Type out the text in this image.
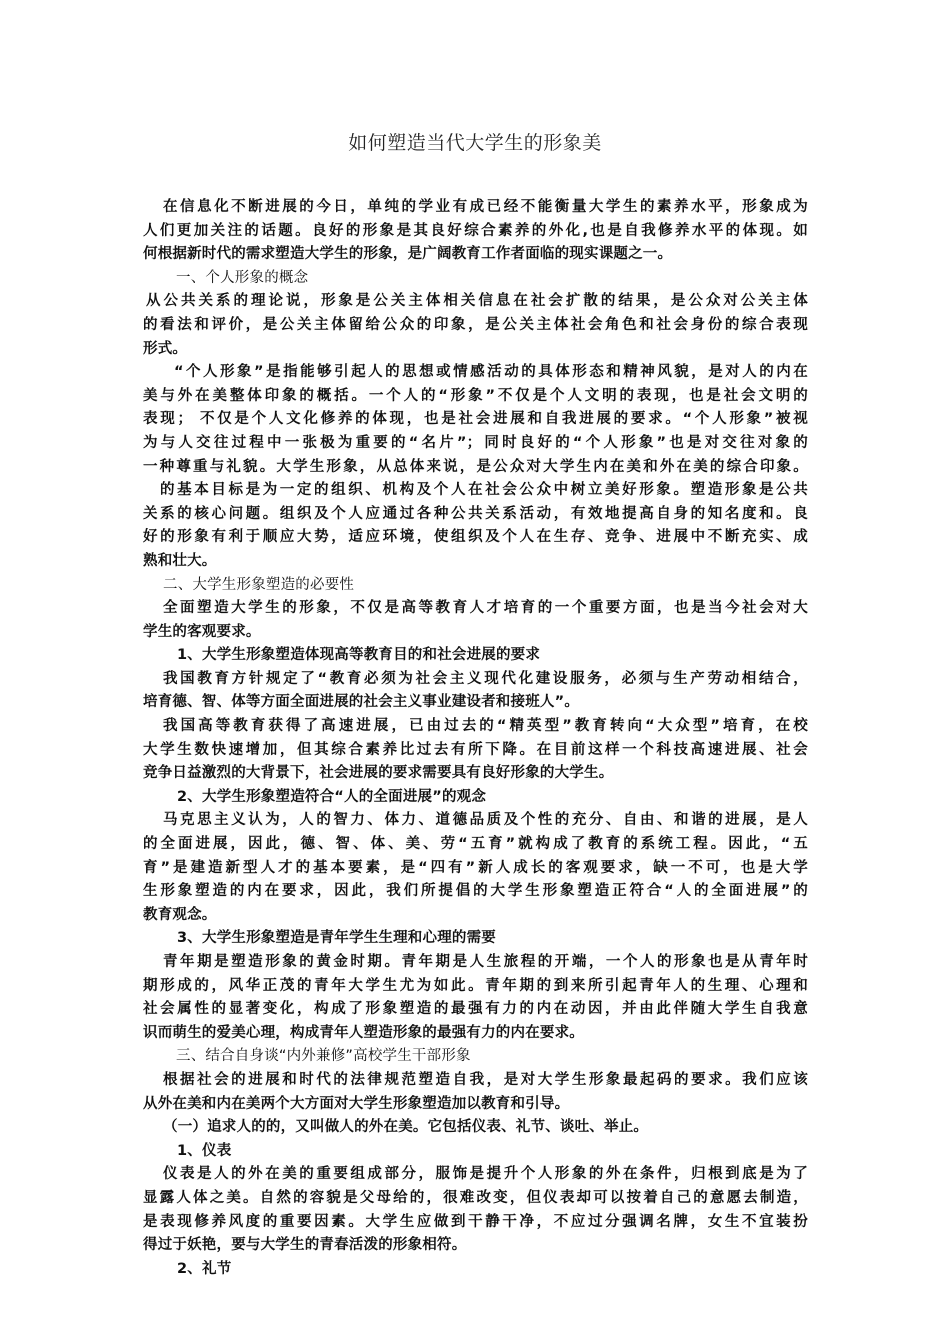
如何塑造当代大学生的形象美
在信息化不断进展的今日，单纯的学业有成已经不能衡量大学生的素养水平，形象成为
人们更加关注的话题。良好的形象是其良好综合素养的外化,也是自我修养水平的体现。如
何根据新时代的需求塑造大学生的形象，是广阔教育工作者面临的现实课题之一。
一、个人形象的概念
从公共关系的理论说，形象是公关主体相关信息在社会扩散的结果，是公众对公关主体
的看法和评价，是公关主体留给公众的印象，是公关主体社会角色和社会身份的综合表现
形式。
“个人形象”是指能够引起人的思想或情感活动的具体形态和精神风貌，是对人的内在
美与外在美整体印象的概括。一个人的“形象”不仅是个人文明的表现，也是社会文明的
表现； 不仅是个人文化修养的体现，也是社会进展和自我进展的要求。“个人形象”被视
为与人交往过程中一张极为重要的“名片”；同时良好的“个人形象”也是对交往对象的
一种尊重与礼貌。大学生形象，从总体来说，是公众对大学生内在美和外在美的综合印象。
的基本目标是为一定的组织、机构及个人在社会公众中树立美好形象。塑造形象是公共
关系的核心问题。组织及个人应通过各种公共关系活动，有效地提高自身的知名度和。良
好的形象有利于顺应大势，适应环境，使组织及个人在生存、竞争、进展中不断充实、成
熟和壮大。
二、大学生形象塑造的必要性
全面塑造大学生的形象，不仅是高等教育人才培育的一个重要方面，也是当今社会对大
学生的客观要求。
1、大学生形象塑造体现高等教育目的和社会进展的要求
我国教育方针规定了“教育必须为社会主义现代化建设服务，必须与生产劳动相结合，
培育德、智、体等方面全面进展的社会主义事业建设者和接班人”。
我国高等教育获得了高速进展，已由过去的“精英型”教育转向“大众型”培育，在校
大学生数快速增加，但其综合素养比过去有所下降。在目前这样一个科技高速进展、社会
竞争日益激烈的大背景下，社会进展的要求需要具有良好形象的大学生。
2、大学生形象塑造符合“人的全面进展”的观念
马克思主义认为，人的智力、体力、道德品质及个性的充分、自由、和谐的进展，是人
的全面进展，因此，德、智、体、美、劳“五育”就构成了教育的系统工程。因此，“五
育”是建造新型人才的基本要素，是“四有”新人成长的客观要求，缺一不可，也是大学
生形象塑造的内在要求，因此，我们所提倡的大学生形象塑造正符合“人的全面进展”的
教育观念。
3、大学生形象塑造是青年学生生理和心理的需要
青年期是塑造形象的黄金时期。青年期是人生旅程的开端，一个人的形象也是从青年时
期形成的，风华正茂的青年大学生尤为如此。青年期的到来所引起青年人的生理、心理和
社会属性的显著变化，构成了形象塑造的最强有力的内在动因，并由此伴随大学生自我意
识而萌生的爱美心理，构成青年人塑造形象的最强有力的内在要求。
三、结合自身谈“内外兼修”高校学生干部形象
根据社会的进展和时代的法律规范塑造自我，是对大学生形象最起码的要求。我们应该
从外在美和内在美两个大方面对大学生形象塑造加以教育和引导。
（一）追求人的的，又叫做人的外在美。它包括仪表、礼节、谈吐、举止。
1、仪表
仪表是人的外在美的重要组成部分，服饰是提升个人形象的外在条件，归根到底是为了
显露人体之美。自然的容貌是父母给的，很难改变，但仪表却可以按着自己的意愿去制造，
是表现修养风度的重要因素。大学生应做到干静干净，不应过分强调名牌，女生不宜装扮
得过于妖艳，要与大学生的青春活泼的形象相符。
2、礼节
